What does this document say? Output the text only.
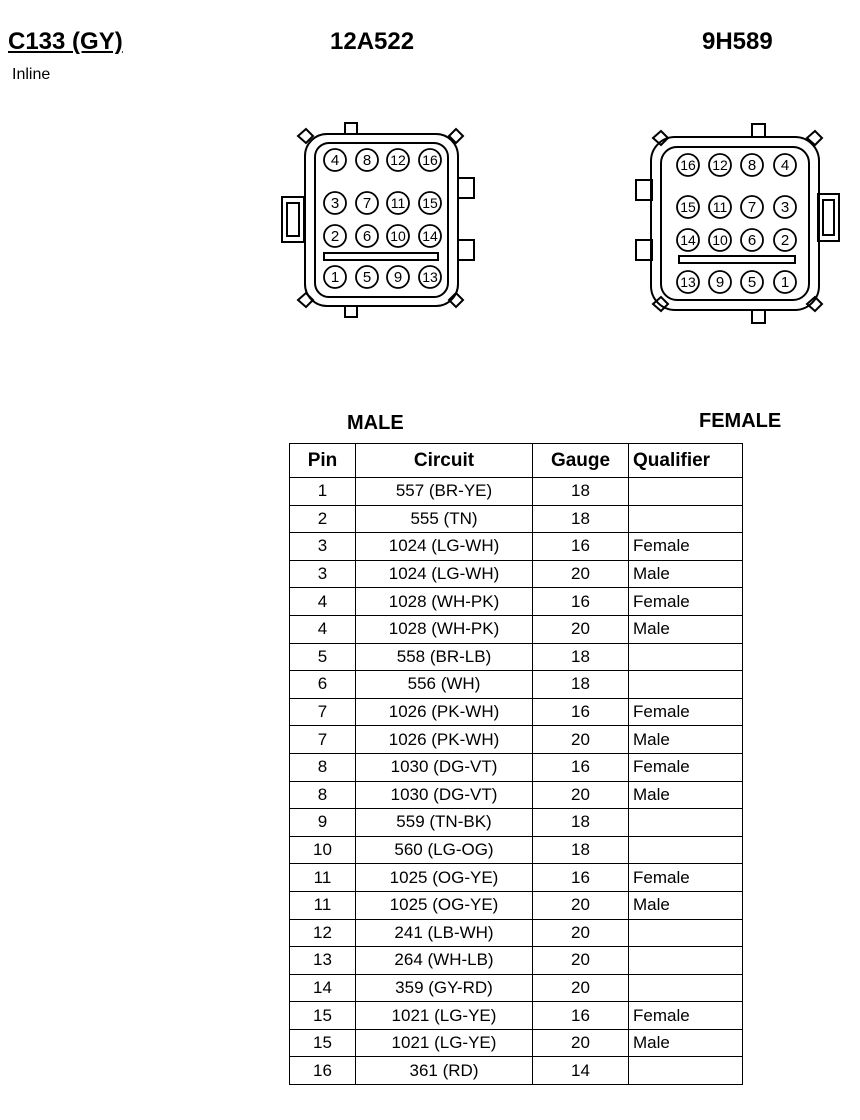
C133 (GY)
Inline
12A522	9H589
4 8 12 16
3 7 11 15
2 6 10 14
1 5 9 13
16 12 8 4
15 11 7 3
14 10 6 2
13 9 5 1
MALE	FEMALE
Pin	Circuit	Gauge	Qualifier
1	557 (BR-YE)	18	
2	555 (TN)	18	
3	1024 (LG-WH)	16	Female
3	1024 (LG-WH)	20	Male
4	1028 (WH-PK)	16	Female
4	1028 (WH-PK)	20	Male
5	558 (BR-LB)	18	
6	556 (WH)	18	
7	1026 (PK-WH)	16	Female
7	1026 (PK-WH)	20	Male
8	1030 (DG-VT)	16	Female
8	1030 (DG-VT)	20	Male
9	559 (TN-BK)	18	
10	560 (LG-OG)	18	
11	1025 (OG-YE)	16	Female
11	1025 (OG-YE)	20	Male
12	241 (LB-WH)	20	
13	264 (WH-LB)	20	
14	359 (GY-RD)	20	
15	1021 (LG-YE)	16	Female
15	1021 (LG-YE)	20	Male
16	361 (RD)	14	
